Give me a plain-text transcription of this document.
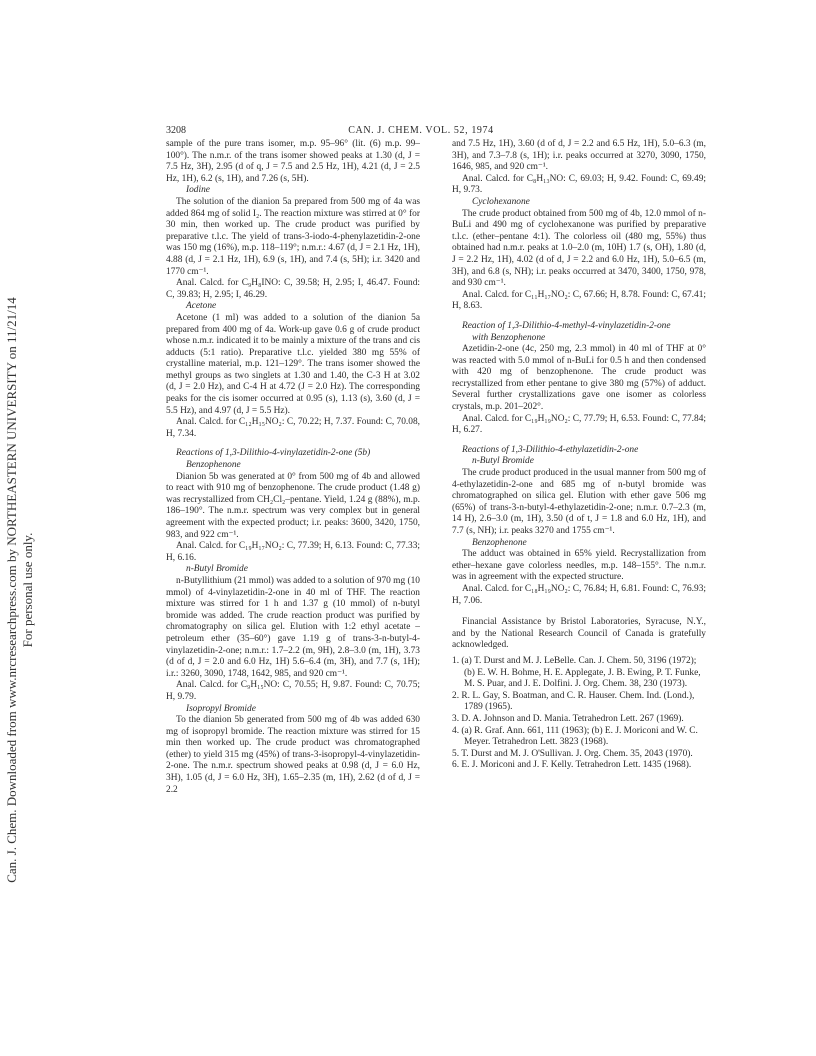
Can. J. Chem. Downloaded from www.nrcresearchpress.com by NORTHEASTERN UNIVERSITY on 11/21/14 For personal use only.
3208	CAN. J. CHEM. VOL. 52, 1974

sample of the pure trans isomer, m.p. 95–96° (lit. (6) m.p. 99–100°). The n.m.r. of the trans isomer showed peaks at 1.30 (d, J = 7.5 Hz, 3H), 2.95 (d of q, J = 7.5 and 2.5 Hz, 1H), 4.21 (d, J = 2.5 Hz, 1H), 6.2 (s, 1H), and 7.26 (s, 5H).

Iodine

The solution of the dianion 5a prepared from 500 mg of 4a was added 864 mg of solid I₂. The reaction mixture was stirred at 0° for 30 min, then worked up. The crude product was purified by preparative t.l.c. The yield of trans-3-iodo-4-phenylazetidin-2-one was 150 mg (16%), m.p. 118–119°; n.m.r.: 4.67 (d, J = 2.1 Hz, 1H), 4.88 (d, J = 2.1 Hz, 1H), 6.9 (s, 1H), and 7.4 (s, 5H); i.r. 3420 and 1770 cm⁻¹.

Anal. Calcd. for C₉H₈INO: C, 39.58; H, 2.95; I, 46.47. Found: C, 39.83; H, 2.95; I, 46.29.

Acetone

Acetone (1 ml) was added to a solution of the dianion 5a prepared from 400 mg of 4a. Work-up gave 0.6 g of crude product whose n.m.r. indicated it to be mainly a mixture of the trans and cis adducts (5:1 ratio). Preparative t.l.c. yielded 380 mg 55% of crystalline material, m.p. 121–129°. The trans isomer showed the methyl groups as two singlets at 1.30 and 1.40, the C-3 H at 3.02 (d, J = 2.0 Hz), and C-4 H at 4.72 (J = 2.0 Hz). The corresponding peaks for the cis isomer occurred at 0.95 (s), 1.13 (s), 3.60 (d, J = 5.5 Hz), and 4.97 (d, J = 5.5 Hz).

Anal. Calcd. for C₁₂H₁₅NO₂: C, 70.22; H, 7.37. Found: C, 70.08, H, 7.34.

Reactions of 1,3-Dilithio-4-vinylazetidin-2-one (5b)

Benzophenone

Dianion 5b was generated at 0° from 500 mg of 4b and allowed to react with 910 mg of benzophenone. The crude product (1.48 g) was recrystallized from CH₂Cl₂–pentane. Yield, 1.24 g (88%), m.p. 186–190°. The n.m.r. spectrum was very complex but in general agreement with the expected product; i.r. peaks: 3600, 3420, 1750, 983, and 922 cm⁻¹.

Anal. Calcd. for C₁₉H₁₇NO₂: C, 77.39; H, 6.13. Found: C, 77.33; H, 6.16.

n-Butyl Bromide

n-Butyllithium (21 mmol) was added to a solution of 970 mg (10 mmol) of 4-vinylazetidin-2-one in 40 ml of THF. The reaction mixture was stirred for 1 h and 1.37 g (10 mmol) of n-butyl bromide was added. The crude reaction product was purified by chromatography on silica gel. Elution with 1:2 ethyl acetate – petroleum ether (35–60°) gave 1.19 g of trans-3-n-butyl-4-vinylazetidin-2-one; n.m.r.: 1.7–2.2 (m, 9H), 2.8–3.0 (m, 1H), 3.73 (d of d, J = 2.0 and 6.0 Hz, 1H) 5.6–6.4 (m, 3H), and 7.7 (s, 1H); i.r.: 3260, 3090, 1748, 1642, 985, and 920 cm⁻¹.

Anal. Calcd. for C₉H₁₅NO: C, 70.55; H, 9.87. Found: C, 70.75; H, 9.79.

Isopropyl Bromide

To the dianion 5b generated from 500 mg of 4b was added 630 mg of isopropyl bromide. The reaction mixture was stirred for 15 min then worked up. The crude product was chromatographed (ether) to yield 315 mg (45%) of trans-3-isopropyl-4-vinylazetidin-2-one. The n.m.r. spectrum showed peaks at 0.98 (d, J = 6.0 Hz, 3H), 1.05 (d, J = 6.0 Hz, 3H), 1.65–2.35 (m, 1H), 2.62 (d of d, J = 2.2

and 7.5 Hz, 1H), 3.60 (d of d, J = 2.2 and 6.5 Hz, 1H), 5.0–6.3 (m, 3H), and 7.3–7.8 (s, 1H); i.r. peaks occurred at 3270, 3090, 1750, 1646, 985, and 920 cm⁻¹.

Anal. Calcd. for C₈H₁₃NO: C, 69.03; H, 9.42. Found: C, 69.49; H, 9.73.

Cyclohexanone

The crude product obtained from 500 mg of 4b, 12.0 mmol of n-BuLi and 490 mg of cyclohexanone was purified by preparative t.l.c. (ether–pentane 4:1). The colorless oil (480 mg, 55%) thus obtained had n.m.r. peaks at 1.0–2.0 (m, 10H) 1.7 (s, OH), 1.80 (d, J = 2.2 Hz, 1H), 4.02 (d of d, J = 2.2 and 6.0 Hz, 1H), 5.0–6.5 (m, 3H), and 6.8 (s, NH); i.r. peaks occurred at 3470, 3400, 1750, 978, and 930 cm⁻¹.

Anal. Calcd. for C₁₁H₁₇NO₂: C, 67.66; H, 8.78. Found: C, 67.41; H, 8.63.

Reaction of 1,3-Dilithio-4-methyl-4-vinylazetidin-2-one

with Benzophenone

Azetidin-2-one (4c, 250 mg, 2.3 mmol) in 40 ml of THF at 0° was reacted with 5.0 mmol of n-BuLi for 0.5 h and then condensed with 420 mg of benzophenone. The crude product was recrystallized from ether pentane to give 380 mg (57%) of adduct. Several further crystallizations gave one isomer as colorless crystals, m.p. 201–202°.

Anal. Calcd. for C₁₉H₁₉NO₂: C, 77.79; H, 6.53. Found: C, 77.84; H, 6.27.

Reactions of 1,3-Dilithio-4-ethylazetidin-2-one

n-Butyl Bromide

The crude product produced in the usual manner from 500 mg of 4-ethylazetidin-2-one and 685 mg of n-butyl bromide was chromatographed on silica gel. Elution with ether gave 506 mg (65%) of trans-3-n-butyl-4-ethylazetidin-2-one; n.m.r. 0.7–2.3 (m, 14 H), 2.6–3.0 (m, 1H), 3.50 (d of t, J = 1.8 and 6.0 Hz, 1H), and 7.7 (s, NH); i.r. peaks 3270 and 1755 cm⁻¹.

Benzophenone

The adduct was obtained in 65% yield. Recrystallization from ether–hexane gave colorless needles, m.p. 148–155°. The n.m.r. was in agreement with the expected structure.

Anal. Calcd. for C₁₈H₁₉NO₂: C, 76.84; H, 6.81. Found: C, 76.93; H, 7.06.

Financial Assistance by Bristol Laboratories, Syracuse, N.Y., and by the National Research Council of Canada is gratefully acknowledged.

1. (a) T. Durst and M. J. LeBelle. Can. J. Chem. 50, 3196 (1972); (b) E. W. H. Bohme, H. E. Applegate, J. B. Ewing, P. T. Funke, M. S. Puar, and J. E. Dolfini. J. Org. Chem. 38, 230 (1973).
2. R. L. Gay, S. Boatman, and C. R. Hauser. Chem. Ind. (Lond.), 1789 (1965).
3. D. A. Johnson and D. Mania. Tetrahedron Lett. 267 (1969).
4. (a) R. Graf. Ann. 661, 111 (1963); (b) E. J. Moriconi and W. C. Meyer. Tetrahedron Lett. 3823 (1968).
5. T. Durst and M. J. O'Sullivan. J. Org. Chem. 35, 2043 (1970).
6. E. J. Moriconi and J. F. Kelly. Tetrahedron Lett. 1435 (1968).
